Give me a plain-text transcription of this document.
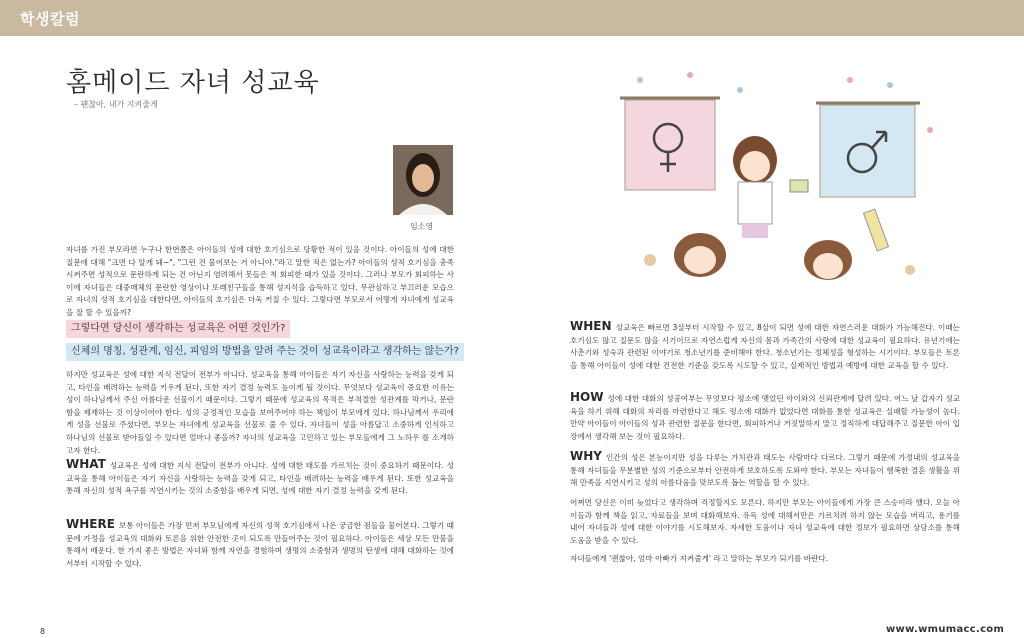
학생칼럼
홈메이드 자녀 성교육
– 괜찮아, 내가 지켜줄게
임소영
자녀를 가진 부모라면 누구나 한번쯤은 아이들의 성에 대한 호기심으로 당황한 적이 있을 것이다. 아이들의 성에 대한 질문에 대해 "크면 다 알게 돼~", "그런 건 물어보는 거 아니야."라고 말한 적은 없는가? 아이들의 성적 호기심을 충족시켜주면 성적으로 문란하게 되는 건 아닌지 염려해서 못들은 척 회피한 때가 있을 것이다. 그러나 부모가 회피하는 사이에 자녀들은 대중매체의 문란한 영상이나 또래친구들을 통해 성지식을 습득하고 있다. 무관심하고 부끄러운 모습으로 자녀의 성적 호기심을 대한다면, 아이들의 호기심은 더욱 커질 수 있다. 그렇다면 부모로서 어떻게 자녀에게 성교육을 잘 할 수 있을까?
그렇다면 당신이 생각하는 성교육은 어떤 것인가?
신체의 명칭, 성관계, 임신, 피임의 방법을 알려 주는 것이 성교육이라고 생각하는 않는가?
하지만 성교육은 성에 대한 지식 전달이 전부가 아니다. 성교육을 통해 아이들은 자기 자신을 사랑하는 능력을 갖게 되고, 타인을 배려하는 능력을 키우게 된다, 또한 자기 결정 능력도 높이게 될 것이다. 무엇보다 성교육이 중요한 이유는 성이 하나님께서 주신 아름다운 선물이기 때문이다. 그렇기 때문에 성교육의 목적은 부적절한 성관계를 막거나, 문란함을 제재하는 것 이상이어야 한다. 성의 긍정적인 모습을 보여주어야 하는 책임이 부모에게 있다. 하나님께서 우리에게 성을 선물로 주셨다면, 부모는 자녀에게 성교육을 선물로 줄 수 있다. 자녀들이 성을 아름답고 소중하게 인식하고 하나님의 선물로 받아들일 수 있다면 얼마나 좋을까? 자녀의 성교육을 고민하고 있는 부모들에게 그 노하우 를 소개하고자 한다.
WHAT 성교육은 성에 대한 지식 전달이 전부가 아니다. 성에 대한 태도를 가르치는 것이 중요하기 때문이다. 성교육을 통해 아이들은 자기 자신을 사랑하는 능력을 갖게 되고, 타인을 배려하는 능력을 배우게 된다. 또한 성교육을 통해 자신의 성적 욕구를 지연시키는 것의 소중함을 배우게 되면, 성에 대한 자기 결정 능력을 갖게 된다.
WHERE 보통 아이들은 가장 먼저 부모님에게 자신의 성적 호기심에서 나온 궁금한 점들을 물어본다. 그렇기 때문에 가정을 성교육의 대화와 토론을 위한 안전한 곳이 되도록 만들어주는 것이 필요하다. 아이들은 세상 모든 만물을 통해서 배운다. 한 가지 좋은 방법은 자녀와 함께 자연을 경험하며 생명의 소중함과 생명의 탄생에 대해 대화하는 것에서부터 시작할 수 있다.
WHEN 성교육은 빠르면 3살부터 시작할 수 있고, 8살이 되면 성에 대한 자연스러운 대화가 가능해진다. 이때는 호기심도 많고 질문도 많을 시기이므로 자연스럽게 자신의 몸과 가족간의 사랑에 대한 성교육이 필요하다. 유년기에는 사춘기와 성숙과 관련된 이야기로 청소년기를 준비해야 한다. 청소년기는 정체성을 형성하는 시기이다. 부모들은 토론을 통해 아이들이 성에 대한 건전한 기준을 갖도록 시도할 수 있고, 실제적인 방법과 예방에 대한 교육을 할 수 있다.
HOW 성에 대한 대화의 성공여부는 무엇보다 평소에 맺었던 아이와의 신뢰관계에 달려 있다. 어느 날 갑자기 성교육을 하기 위해 대화의 자리를 마련한다고 해도 평소에 대화가 없었다면 대화를 통한 성교육은 실패할 가능성이 높다. 만약 아이들이 아이들의 성과 관련한 질문을 한다면, 회피하거나 거짓말하지 말고 정직하게 대답해주고 질문한 아이 입장에서 생각해 보는 것이 필요하다.
WHY 인간의 성은 본능이지만 성을 다루는 가치관과 태도는 사람마다 다르다. 그렇기 때문에 가정내의 성교육을 통해 자녀들을 무분별한 성의 기준으로부터 안전하게 보호하도록 도와야 한다. 부모는 자녀들이 행복한 결혼 생활을 위해 만족을 지연시키고 성의 아름다움을 맞보도록 돕는 역할을 할 수 있다.
어쩌면 당신은 이미 늦었다고 생각하며 걱정할지도 모른다. 하지만 부모는 아이들에게 가장 큰 스승이라 했다. 오늘 아이들과 함께 책을 읽고, 자료들을 보며 대화해보자. 유독 성에 대해서만은 가르치려 하지 않는 모습을 버리고, 용기를 내어 자녀들과 성에 대한 이야기를 시도해보자. 자세한 도움이나 자녀 성교육에 대한 정보가 필요하면 상담소를 통해 도움을 받을 수 있다.
자녀들에게 '괜찮아, 엄마 아빠가 지켜줄게' 라고 말하는 부모가 되기를 바란다.
8	www.wmumacc.com
